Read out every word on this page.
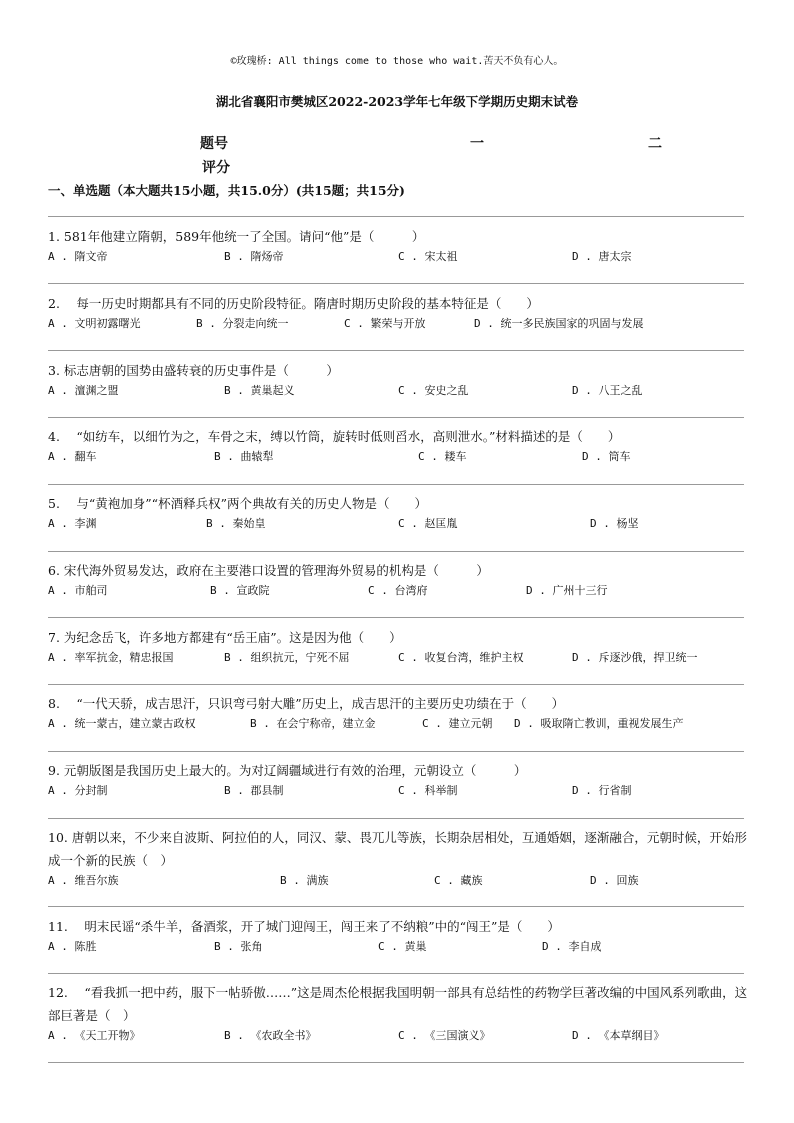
©玫瑰桥: All things come to those who wait.苦天不负有心人。
湖北省襄阳市樊城区2022-2023学年七年级下学期历史期末试卷
题号	一	二
评分
一、单选题（本大题共15小题，共15.0分）(共15题；共15分)
1. 581年他建立隋朝，589年他统一了全国。请问“他”是（　　　）
A . 隋文帝	B . 隋炀帝	C . 宋太祖	D . 唐太宗
2.　 每一历史时期都具有不同的历史阶段特征。隋唐时期历史阶段的基本特征是（　　）
A . 文明初露曙光	B . 分裂走向统一	C . 繁荣与开放	D . 统一多民族国家的巩固与发展
3. 标志唐朝的国势由盛转衰的历史事件是（　　　）
A . 澶渊之盟	B . 黄巢起义	C . 安史之乱	D . 八王之乱
4.　 “如纺车，以细竹为之，车骨之末，缚以竹筒，旋转时低则舀水，高则泄水。”材料描述的是（　　）
A . 翻车	B . 曲辕犁	C . 耧车	D . 筒车
5.　 与“黄袍加身”“杯酒释兵权”两个典故有关的历史人物是（　　）
A . 李渊	B . 秦始皇	C . 赵匡胤	D . 杨坚
6. 宋代海外贸易发达，政府在主要港口设置的管理海外贸易的机构是（　　　）
A . 市舶司	B . 宣政院	C . 台湾府	D . 广州十三行
7. 为纪念岳飞，许多地方都建有“岳王庙”。这是因为他（　　）
A . 率军抗金，精忠报国	B . 组织抗元，宁死不屈	C . 收复台湾，维护主权	D . 斥逐沙俄，捍卫统一
8.　 “一代天骄，成吉思汗，只识弯弓射大雕”历史上，成吉思汗的主要历史功绩在于（　　）
A . 统一蒙古，建立蒙古政权	B . 在会宁称帝，建立金	C . 建立元朝 D . 吸取隋亡教训，重视发展生产
9. 元朝版图是我国历史上最大的。为对辽阔疆域进行有效的治理，元朝设立（　　　）
A . 分封制	B . 郡县制	C . 科举制	D . 行省制
10. 唐朝以来，不少来自波斯、阿拉伯的人，同汉、蒙、畏兀儿等族，长期杂居相处，互通婚姻，逐渐融合，元朝时候，开始形成一个新的民族（　）
A . 维吾尔族	B . 满族	C . 藏族	D . 回族
11.　 明末民谣“杀牛羊，备酒浆，开了城门迎闯王，闯王来了不纳粮”中的“闯王”是（　　）
A . 陈胜	B . 张角	C . 黄巢	D . 李自成
12.　 “看我抓一把中药，服下一帖骄傲……”这是周杰伦根据我国明朝一部具有总结性的药物学巨著改编的中国风系列歌曲，这部巨著是（　）
A . 《天工开物》	B . 《农政全书》	C . 《三国演义》	D . 《本草纲目》
